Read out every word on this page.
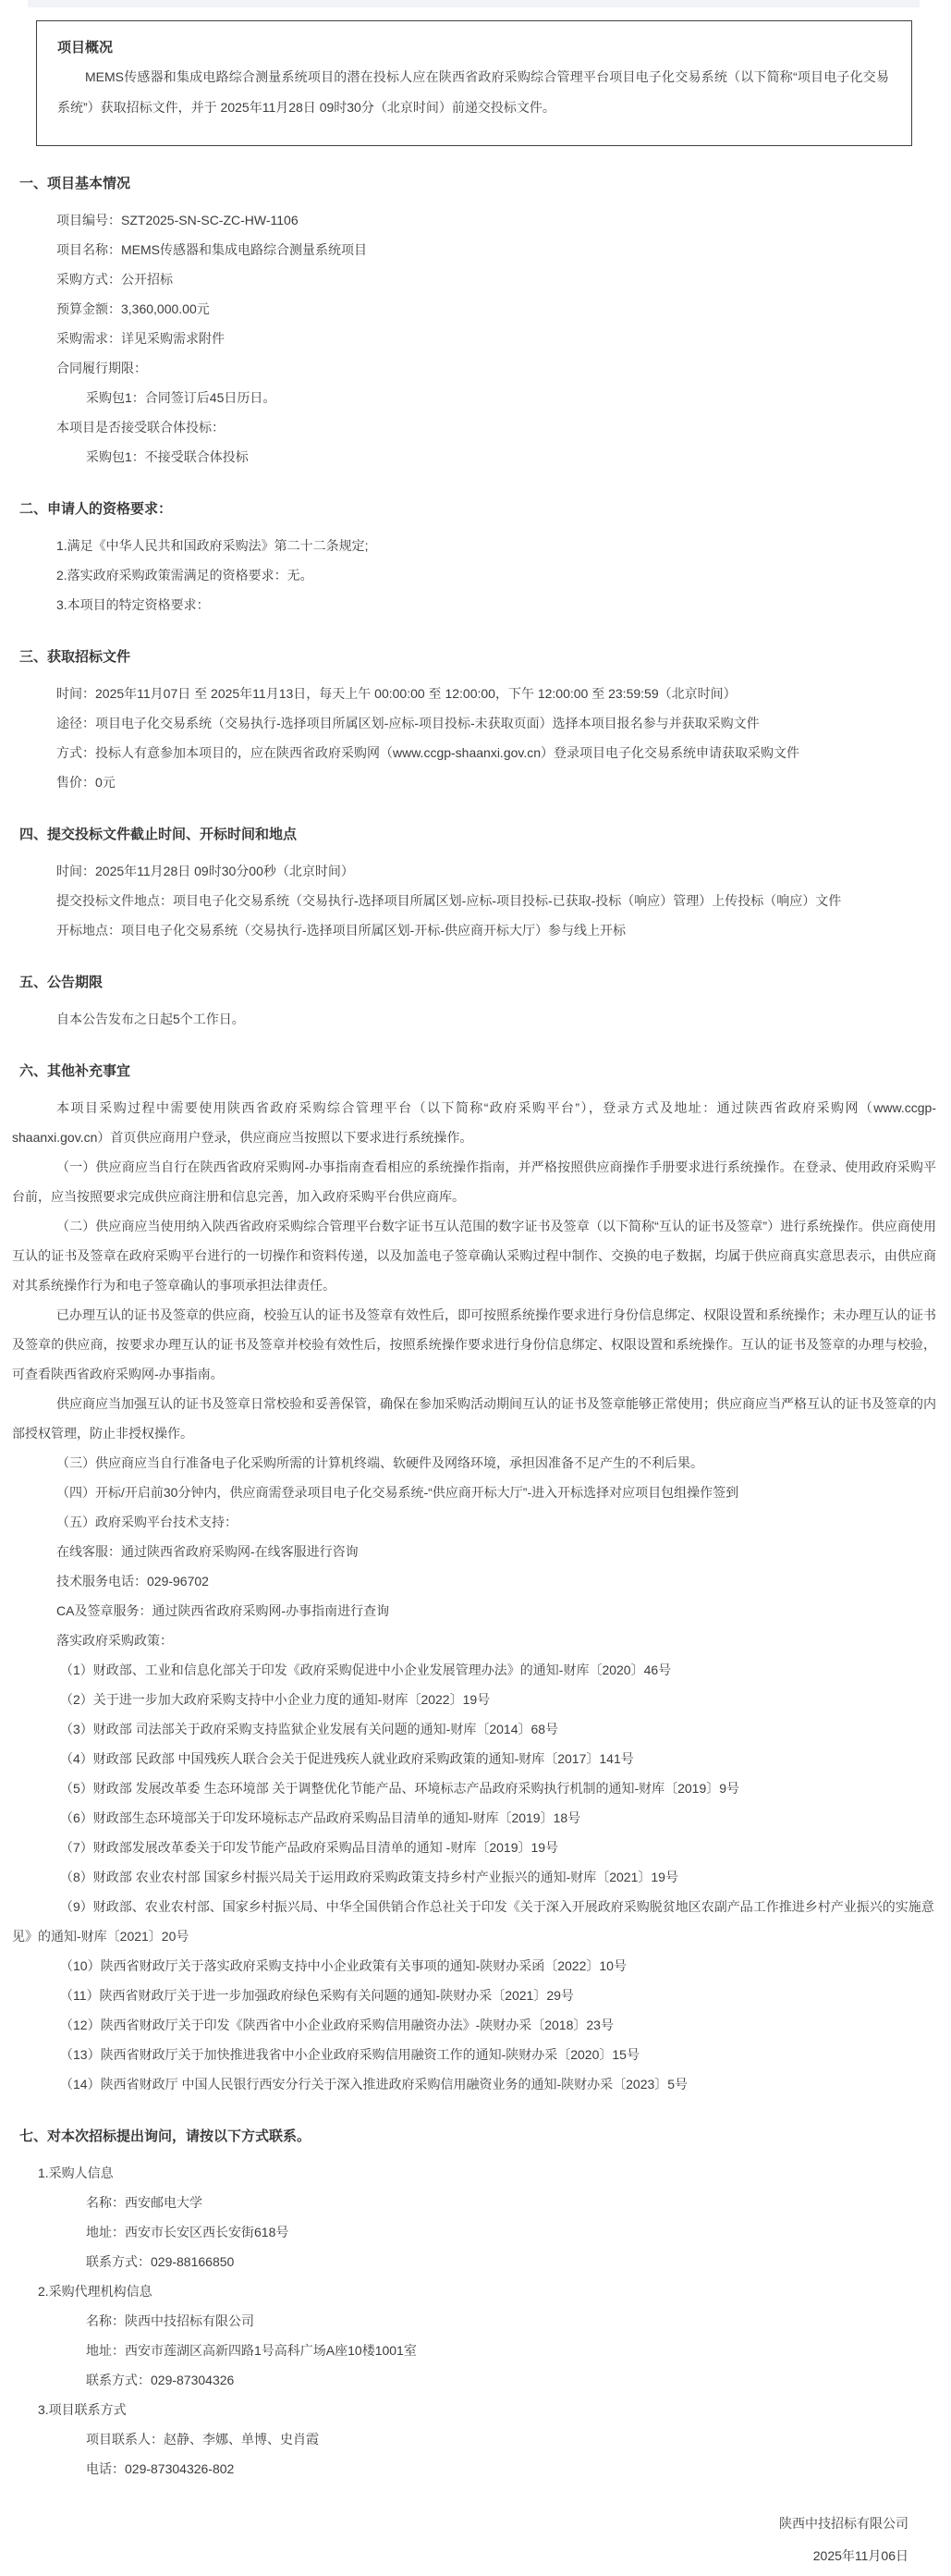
项目概况
MEMS传感器和集成电路综合测量系统项目的潜在投标人应在陕西省政府采购综合管理平台项目电子化交易系统（以下简称“项目电子化交易系统”）获取招标文件，并于 2025年11月28日 09时30分（北京时间）前递交投标文件。
一、项目基本情况
项目编号：SZT2025-SN-SC-ZC-HW-1106
项目名称：MEMS传感器和集成电路综合测量系统项目
采购方式：公开招标
预算金额：3,360,000.00元
采购需求：详见采购需求附件
合同履行期限：
采购包1：合同签订后45日历日。
本项目是否接受联合体投标：
采购包1：不接受联合体投标
二、申请人的资格要求：
1.满足《中华人民共和国政府采购法》第二十二条规定;
2.落实政府采购政策需满足的资格要求：无。
3.本项目的特定资格要求：
三、获取招标文件
时间：2025年11月07日 至 2025年11月13日，每天上午 00:00:00 至 12:00:00，下午 12:00:00 至 23:59:59（北京时间）
途径：项目电子化交易系统（交易执行-选择项目所属区划-应标-项目投标-未获取页面）选择本项目报名参与并获取采购文件
方式：投标人有意参加本项目的，应在陕西省政府采购网（www.ccgp-shaanxi.gov.cn）登录项目电子化交易系统申请获取采购文件
售价：0元
四、提交投标文件截止时间、开标时间和地点
时间：2025年11月28日 09时30分00秒（北京时间）
提交投标文件地点：项目电子化交易系统（交易执行-选择项目所属区划-应标-项目投标-已获取-投标（响应）管理）上传投标（响应）文件
开标地点：项目电子化交易系统（交易执行-选择项目所属区划-开标-供应商开标大厅）参与线上开标
五、公告期限
自本公告发布之日起5个工作日。
六、其他补充事宜
本项目采购过程中需要使用陕西省政府采购综合管理平台（以下简称“政府采购平台”），登录方式及地址：通过陕西省政府采购网（www.ccgp-shaanxi.gov.cn）首页供应商用户登录，供应商应当按照以下要求进行系统操作。
（一）供应商应当自行在陕西省政府采购网-办事指南查看相应的系统操作指南，并严格按照供应商操作手册要求进行系统操作。在登录、使用政府采购平台前，应当按照要求完成供应商注册和信息完善，加入政府采购平台供应商库。
（二）供应商应当使用纳入陕西省政府采购综合管理平台数字证书互认范围的数字证书及签章（以下简称“互认的证书及签章”）进行系统操作。供应商使用互认的证书及签章在政府采购平台进行的一切操作和资料传递，以及加盖电子签章确认采购过程中制作、交换的电子数据，均属于供应商真实意思表示，由供应商对其系统操作行为和电子签章确认的事项承担法律责任。
已办理互认的证书及签章的供应商，校验互认的证书及签章有效性后，即可按照系统操作要求进行身份信息绑定、权限设置和系统操作；未办理互认的证书及签章的供应商，按要求办理互认的证书及签章并校验有效性后，按照系统操作要求进行身份信息绑定、权限设置和系统操作。互认的证书及签章的办理与校验，可查看陕西省政府采购网-办事指南。
供应商应当加强互认的证书及签章日常校验和妥善保管，确保在参加采购活动期间互认的证书及签章能够正常使用；供应商应当严格互认的证书及签章的内部授权管理，防止非授权操作。
（三）供应商应当自行准备电子化采购所需的计算机终端、软硬件及网络环境，承担因准备不足产生的不利后果。
（四）开标/开启前30分钟内，供应商需登录项目电子化交易系统-“供应商开标大厅”-进入开标选择对应项目包组操作签到
（五）政府采购平台技术支持：
在线客服：通过陕西省政府采购网-在线客服进行咨询
技术服务电话：029-96702
CA及签章服务：通过陕西省政府采购网-办事指南进行查询
落实政府采购政策：
（1）财政部、工业和信息化部关于印发《政府采购促进中小企业发展管理办法》的通知-财库〔2020〕46号
（2）关于进一步加大政府采购支持中小企业力度的通知-财库〔2022〕19号
（3）财政部 司法部关于政府采购支持监狱企业发展有关问题的通知-财库〔2014〕68号
（4）财政部 民政部 中国残疾人联合会关于促进残疾人就业政府采购政策的通知-财库〔2017〕141号
（5）财政部 发展改革委 生态环境部 关于调整优化节能产品、环境标志产品政府采购执行机制的通知-财库〔2019〕9号
（6）财政部生态环境部关于印发环境标志产品政府采购品目清单的通知-财库〔2019〕18号
（7）财政部发展改革委关于印发节能产品政府采购品目清单的通知 -财库〔2019〕19号
（8）财政部 农业农村部 国家乡村振兴局关于运用政府采购政策支持乡村产业振兴的通知-财库〔2021〕19号
（9）财政部、农业农村部、国家乡村振兴局、中华全国供销合作总社关于印发《关于深入开展政府采购脱贫地区农副产品工作推进乡村产业振兴的实施意见》的通知-财库〔2021〕20号
（10）陕西省财政厅关于落实政府采购支持中小企业政策有关事项的通知-陕财办采函〔2022〕10号
（11）陕西省财政厅关于进一步加强政府绿色采购有关问题的通知-陕财办采〔2021〕29号
（12）陕西省财政厅关于印发《陕西省中小企业政府采购信用融资办法》-陕财办采〔2018〕23号
（13）陕西省财政厅关于加快推进我省中小企业政府采购信用融资工作的通知-陕财办采〔2020〕15号
（14）陕西省财政厅 中国人民银行西安分行关于深入推进政府采购信用融资业务的通知-陕财办采〔2023〕5号
七、对本次招标提出询问，请按以下方式联系。
1.采购人信息
名称：西安邮电大学
地址：西安市长安区西长安街618号
联系方式：029-88166850
2.采购代理机构信息
名称：陕西中技招标有限公司
地址：西安市莲湖区高新四路1号高科广场A座10楼1001室
联系方式：029-87304326
3.项目联系方式
项目联系人：赵静、李娜、单博、史肖霞
电话：029-87304326-802
陕西中技招标有限公司
2025年11月06日
